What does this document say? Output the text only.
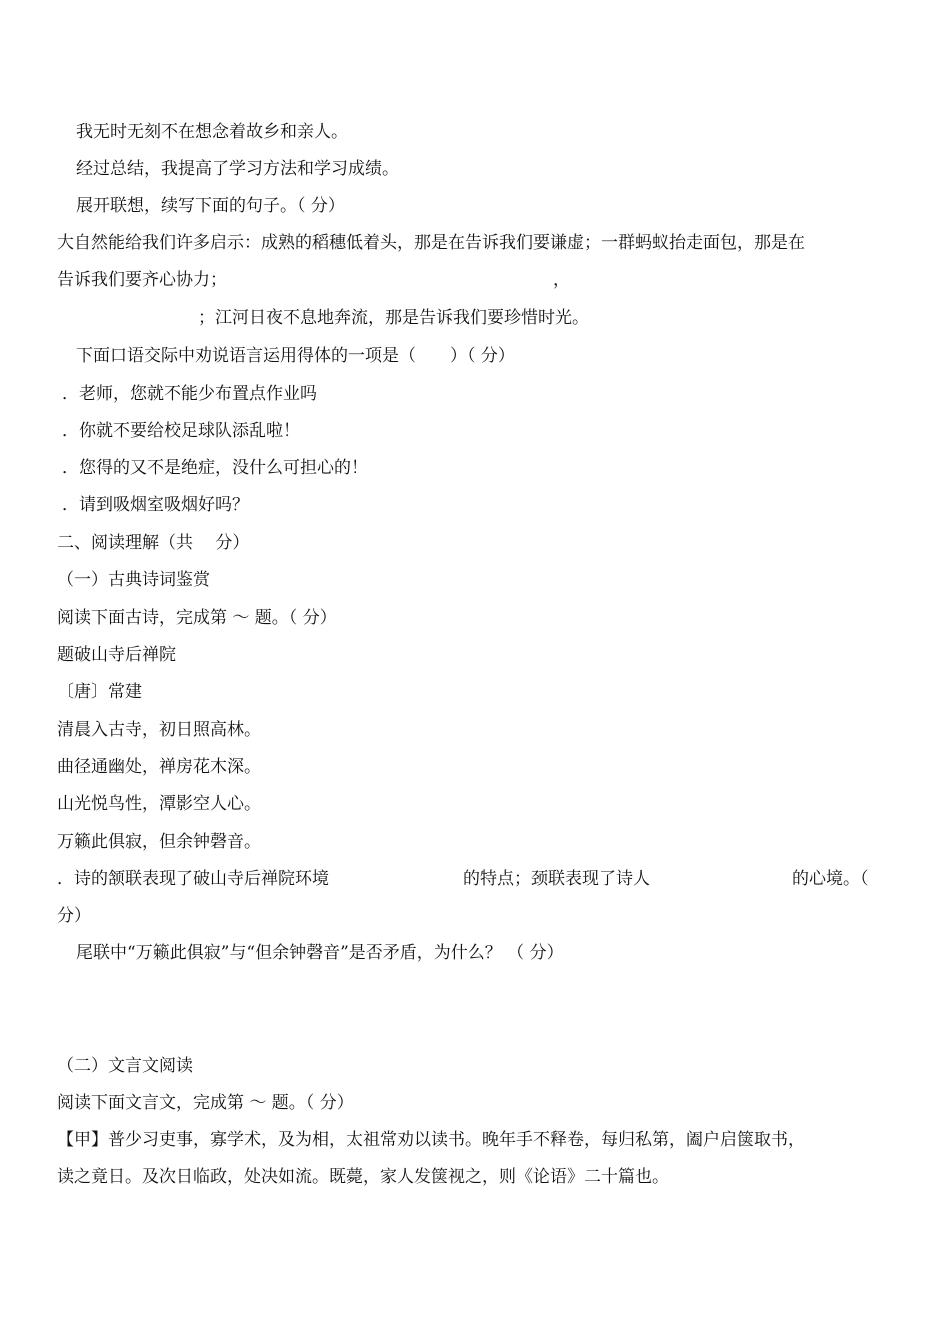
我无时无刻不在想念着故乡和亲人。

经过总结，我提高了学习方法和学习成绩。

展开联想，续写下面的句子。（ 分）

大自然能给我们许多启示：成熟的稻穗低着头，那是在告诉我们要谦虚；一群蚂蚁抬走面包，那是在

告诉我们要齐心协力；	，

；江河日夜不息地奔流，那是告诉我们要珍惜时光。

下面口语交际中劝说语言运用得体的一项是（　　）（ 分）

．老师，您就不能少布置点作业吗

．你就不要给校足球队添乱啦！

．您得的又不是绝症，没什么可担心的！

．请到吸烟室吸烟好吗？

二、阅读理解（共 　分）

（一）古典诗词鉴赏

阅读下面古诗，完成第 ～ 题。（ 分）

题破山寺后禅院

〔唐〕常建

清晨入古寺，初日照高林。

曲径通幽处，禅房花木深。

山光悦鸟性，潭影空人心。

万籁此俱寂，但余钟磬音。

．诗的颔联表现了破山寺后禅院环境	的特点；颈联表现了诗人	的心境。（

分）

尾联中“万籁此俱寂”与“但余钟磬音”是否矛盾，为什么？ （ 分）

（二）文言文阅读

阅读下面文言文，完成第 ～ 题。（ 分）

【甲】普少习吏事，寡学术，及为相，太祖常劝以读书。晚年手不释卷，每归私第，阖户启箧取书，

读之竟日。及次日临政，处决如流。既薨，家人发箧视之，则《论语》二十篇也。
